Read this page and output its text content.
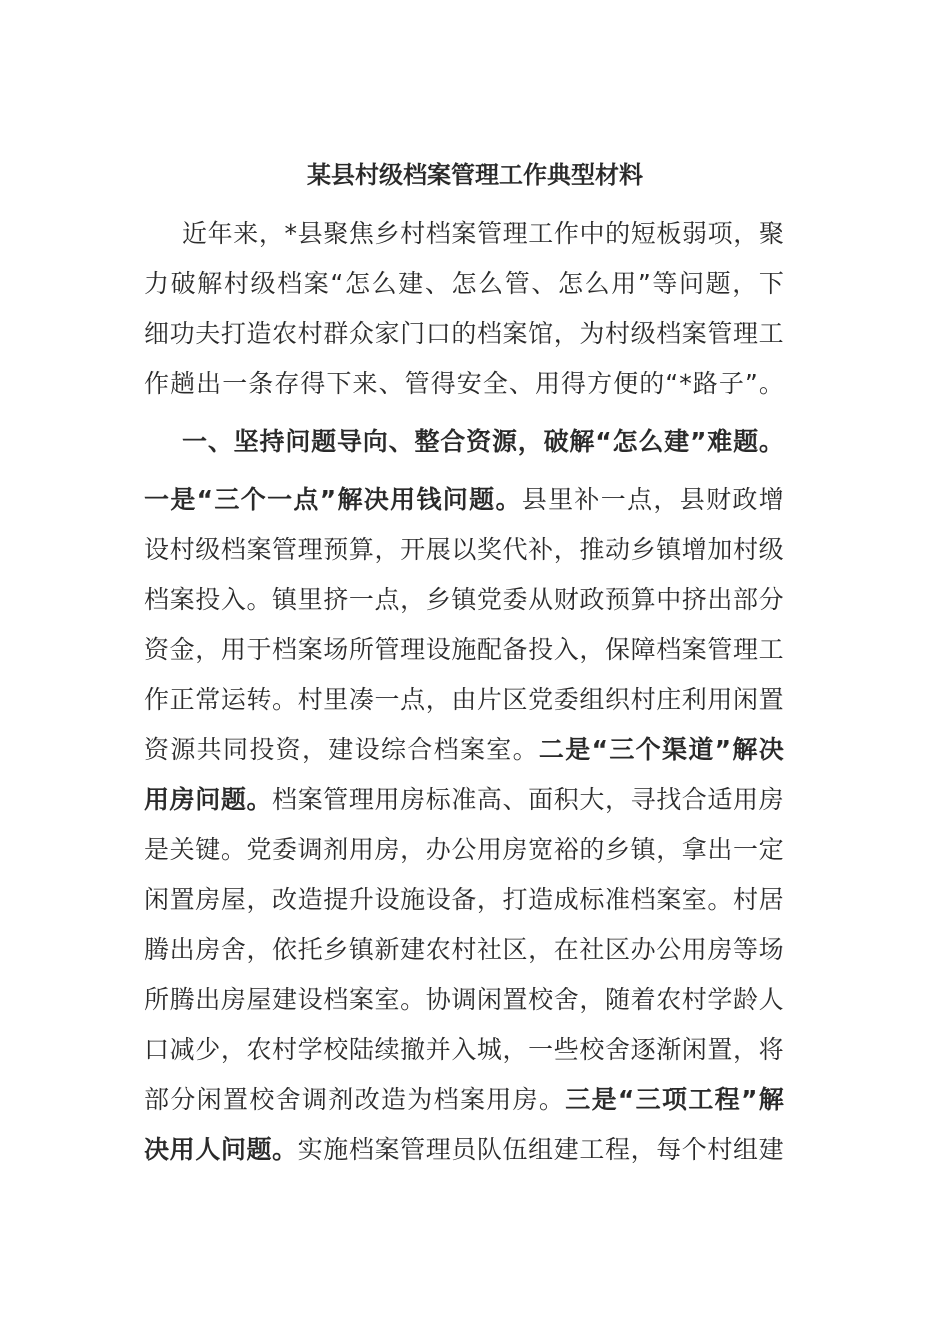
某县村级档案管理工作典型材料
近 年 来 ， * 县 聚 焦 乡 村 档 案 管 理 工 作 中 的 短 板 弱 项 ， 聚
力 破 解 村 级 档 案 “ 怎 么 建 、 怎 么 管 、 怎 么 用 ” 等 问 题 ， 下
细 功 夫 打 造 农 村 群 众 家 门 口 的 档 案 馆 ， 为 村 级 档 案 管 理 工
作 趟 出 一 条 存 得 下 来 、 管 得 安 全 、 用 得 方 便 的 “ * 路 子 ” 。
一 、 坚 持 问 题 导 向 、 整 合 资 源 ， 破 解 “ 怎 么 建 ” 难 题 。
一 是 “ 三 个 一 点 ” 解 决 用 钱 问 题 。 县 里 补 一 点 ， 县 财 政 增
设 村 级 档 案 管 理 预 算 ， 开 展 以 奖 代 补 ， 推 动 乡 镇 增 加 村 级
档 案 投 入 。 镇 里 挤 一 点 ， 乡 镇 党 委 从 财 政 预 算 中 挤 出 部 分
资 金 ， 用 于 档 案 场 所 管 理 设 施 配 备 投 入 ， 保 障 档 案 管 理 工
作 正 常 运 转 。 村 里 凑 一 点 ， 由 片 区 党 委 组 织 村 庄 利 用 闲 置
资 源 共 同 投 资 ， 建 设 综 合 档 案 室 。 二 是 “ 三 个 渠 道 ” 解 决
用 房 问 题 。 档 案 管 理 用 房 标 准 高 、 面 积 大 ， 寻 找 合 适 用 房
是 关 键 。 党 委 调 剂 用 房 ， 办 公 用 房 宽 裕 的 乡 镇 ， 拿 出 一 定
闲 置 房 屋 ， 改 造 提 升 设 施 设 备 ， 打 造 成 标 准 档 案 室 。 村 居
腾 出 房 舍 ， 依 托 乡 镇 新 建 农 村 社 区 ， 在 社 区 办 公 用 房 等 场
所 腾 出 房 屋 建 设 档 案 室 。 协 调 闲 置 校 舍 ， 随 着 农 村 学 龄 人
口 减 少 ， 农 村 学 校 陆 续 撤 并 入 城 ， 一 些 校 舍 逐 渐 闲 置 ， 将
部 分 闲 置 校 舍 调 剂 改 造 为 档 案 用 房 。 三 是 “ 三 项 工 程 ” 解
决 用 人 问 题 。 实 施 档 案 管 理 员 队 伍 组 建 工 程 ， 每 个 村 组 建
